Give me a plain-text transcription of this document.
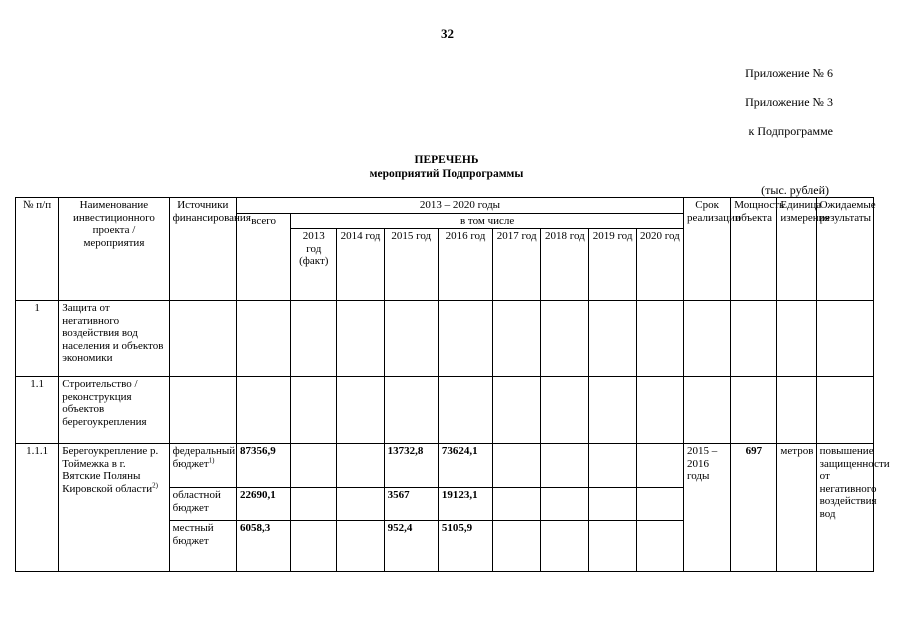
32
Приложение № 6
Приложение № 3
к Подпрограмме
ПЕРЕЧЕНЬ
мероприятий Подпрограммы
(тыс. рублей)
№ п/п	Наименование инвестиционного проекта / мероприятия	Источники финансирования	2013 – 2020 годы									Срок реализации	Мощность объекта	Единица измерения	Ожидаемые результаты
			всего	в том числе											
				2013 год (факт)	2014 год	2015 год	2016 год	2017 год	2018 год	2019 год	2020 год				
1	Защита от негативного воздействия вод населения и объектов экономики														
1.1	Строительство / реконструкция объектов берегоукрепления														
1.1.1	Берегоукрепление р. Тоймежка в г. Вятские Поляны Кировской области$^{2)}$	федеральный бюджет$^{1)}$	87356,9			13732,8	73624,1					2015 – 2016 годы	697	метров	повышение защищенности от негативного воздействия вод
		областной бюджет	22690,1			3567	19123,1								
		местный бюджет	6058,3			952,4	5105,9								
